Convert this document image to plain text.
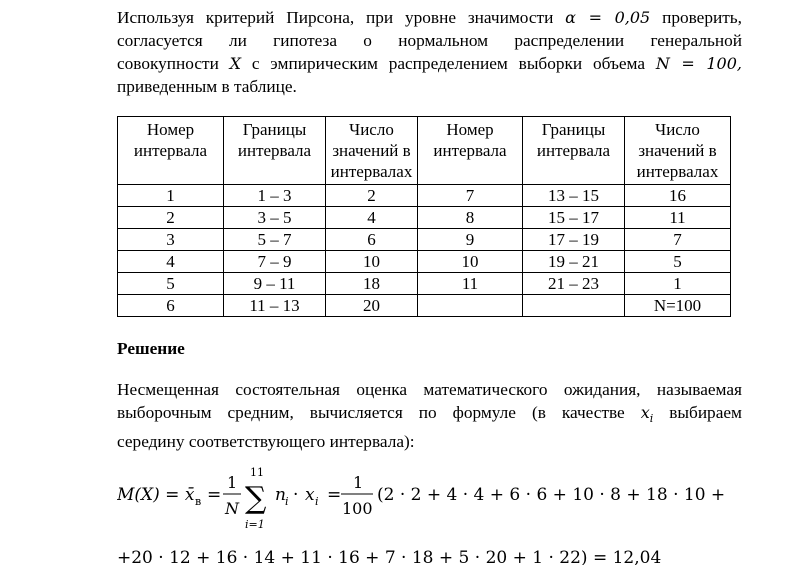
Используя критерий Пирсона, при уровне значимости α = 0,05 проверить,
согласуется ли гипотеза о нормальном распределении генеральной
совокупности X с эмпирическим распределением выборки объема N = 100,
приведенным в таблице.

Номер интервала	Границы интервала	Число значений в интервалах	Номер интервала	Границы интервала	Число значений в интервалах
1	1 – 3	2	7	13 – 15	16
2	3 – 5	4	8	15 – 17	11
3	5 – 7	6	9	17 – 19	7
4	7 – 9	10	10	19 – 21	5
5	9 – 11	18	11	21 – 23	1
6	11 – 13	20			N=100
Решение

Несмещенная состоятельная оценка математического ожидания, называемая
выборочным средним, вычисляется по формуле (в качестве $x_i$ выбираем
середину соответствующего интервала):

M(X) = x̄ в =
1
N
11
∑
i=1
n i · x i =
1
100
(2 · 2 + 4 · 4 + 6 · 6 + 10 · 8 + 18 · 10 +
+20 · 12 + 16 · 14 + 11 · 16 + 7 · 18 + 5 · 20 + 1 · 22) = 12,04
